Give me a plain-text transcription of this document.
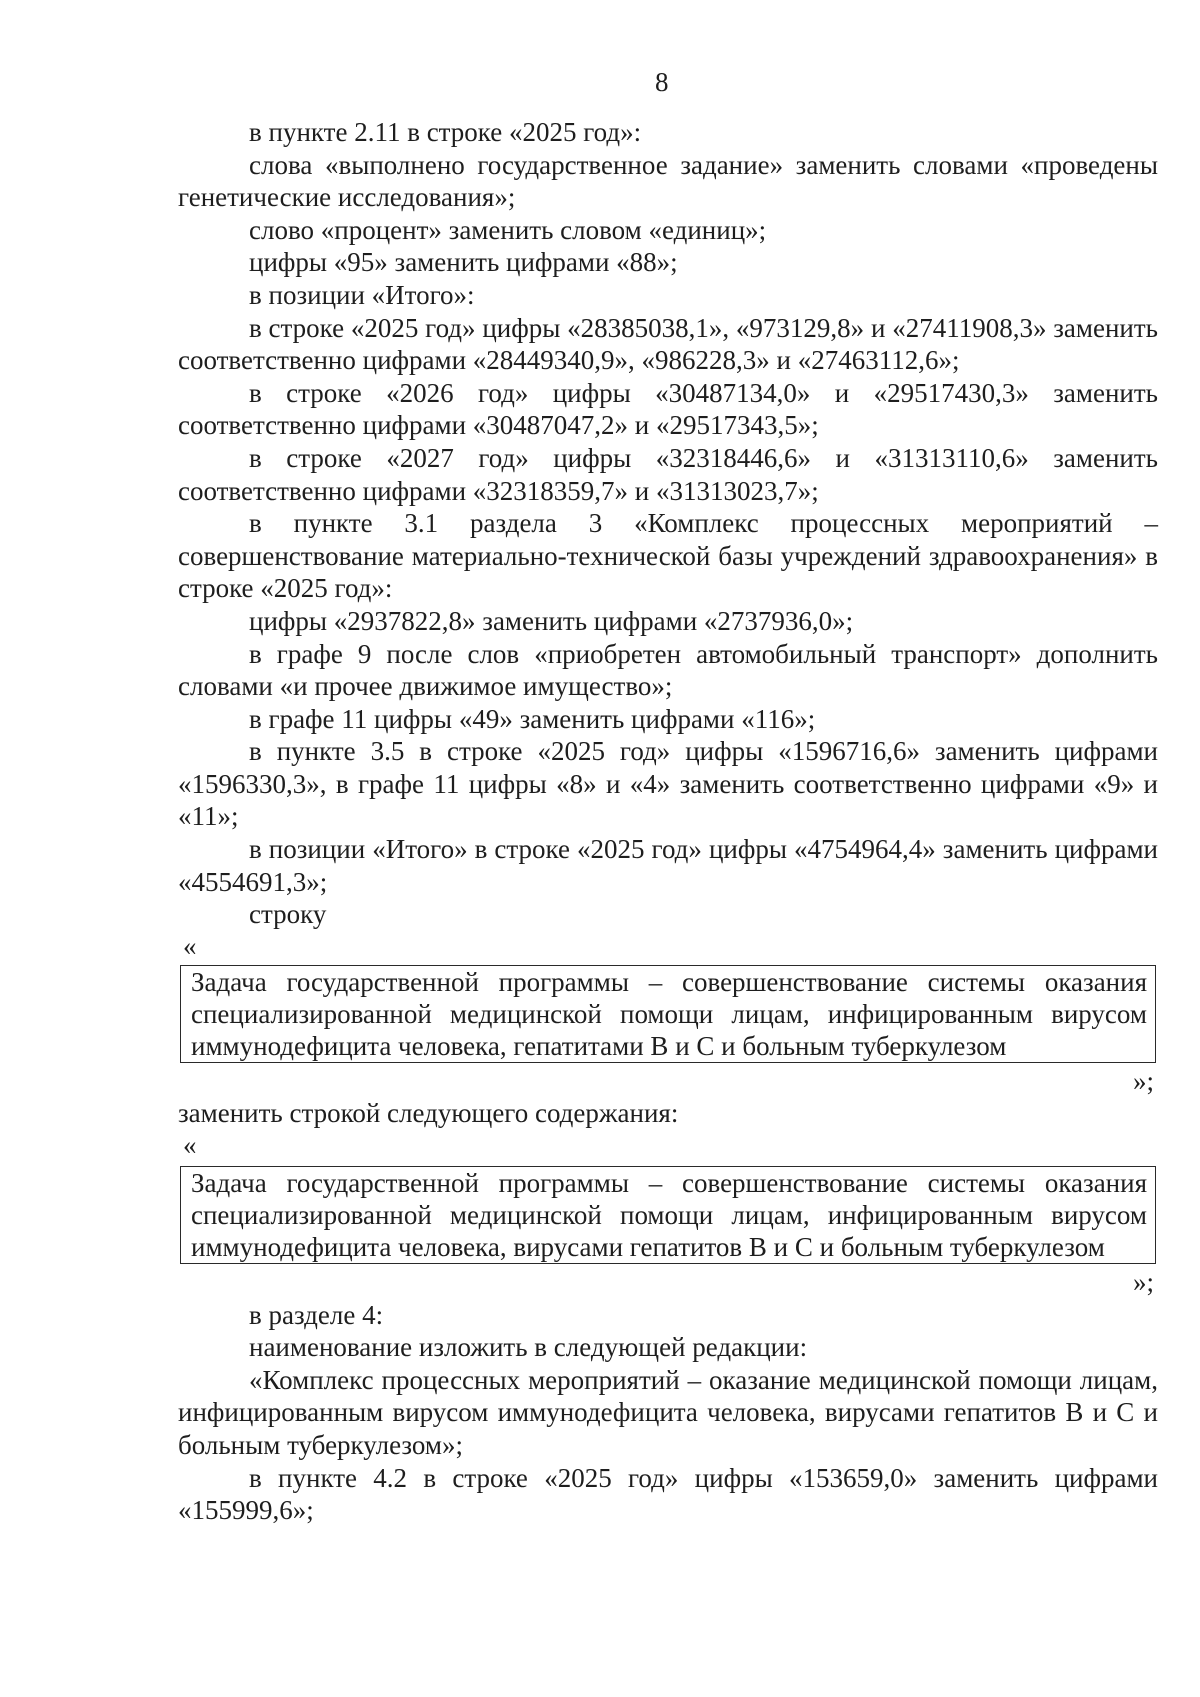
8

в пункте 2.11 в строке «2025 год»:

слова «выполнено государственное задание» заменить словами «проведены генетические исследования»;

слово «процент» заменить словом «единиц»;

цифры «95» заменить цифрами «88»;

в позиции «Итого»:

в строке «2025 год» цифры «28385038,1», «973129,8» и «27411908,3» заменить соответственно цифрами «28449340,9», «986228,3» и «27463112,6»;

в строке «2026 год» цифры «30487134,0» и «29517430,3» заменить соответственно цифрами «30487047,2» и «29517343,5»;

в строке «2027 год» цифры «32318446,6» и «31313110,6» заменить соответственно цифрами «32318359,7» и «31313023,7»;

в пункте 3.1 раздела 3 «Комплекс процессных мероприятий – совершенствование материально-технической базы учреждений здравоохранения» в строке «2025 год»:

цифры «2937822,8» заменить цифрами «2737936,0»;

в графе 9 после слов «приобретен автомобильный транспорт» дополнить словами «и прочее движимое имущество»;

в графе 11 цифры «49» заменить цифрами «116»;

в пункте 3.5 в строке «2025 год» цифры «1596716,6» заменить цифрами «1596330,3», в графе 11 цифры «8» и «4» заменить соответственно цифрами «9» и «11»;

в позиции «Итого» в строке «2025 год» цифры «4754964,4» заменить цифрами «4554691,3»;

строку

«

Задача государственной программы – совершенствование системы оказания специализированной медицинской помощи лицам, инфицированным вирусом иммунодефицита человека, гепатитами В и С и больным туберкулезом

»;

заменить строкой следующего содержания:

«

Задача государственной программы – совершенствование системы оказания специализированной медицинской помощи лицам, инфицированным вирусом иммунодефицита человека, вирусами гепатитов В и С и больным туберкулезом

»;

в разделе 4:

наименование изложить в следующей редакции:

«Комплекс процессных мероприятий – оказание медицинской помощи лицам, инфицированным вирусом иммунодефицита человека, вирусами гепатитов В и С и больным туберкулезом»;

в пункте 4.2 в строке «2025 год» цифры «153659,0» заменить цифрами «155999,6»;
